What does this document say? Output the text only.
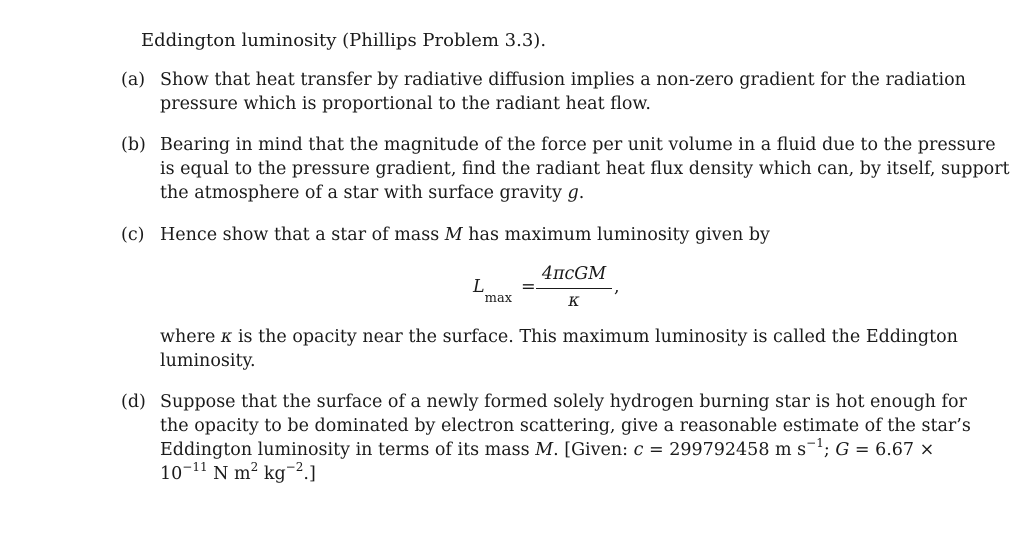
Eddington luminosity (Phillips Problem 3.3).
(a) Show that heat transfer by radiative diffusion implies a non-zero gradient for the radiation
pressure which is proportional to the radiant heat flow.
(b) Bearing in mind that the magnitude of the force per unit volume in a fluid due to the pressure
is equal to the pressure gradient, find the radiant heat flux density which can, by itself, support
the atmosphere of a star with surface gravity g.
(c) Hence show that a star of mass M has maximum luminosity given by
$L_{max}$
=
4πcGM
κ
,
where κ is the opacity near the surface. This maximum luminosity is called the Eddington
luminosity.
(d) Suppose that the surface of a newly formed solely hydrogen burning star is hot enough for
the opacity to be dominated by electron scattering, give a reasonable estimate of the star’s
Eddington luminosity in terms of its mass M. [Given: c = 299792458 m $s^{-1}$; G = 6.67 ×
$10^{-11}$ N $m^2$ $kg^{-2}$.]
